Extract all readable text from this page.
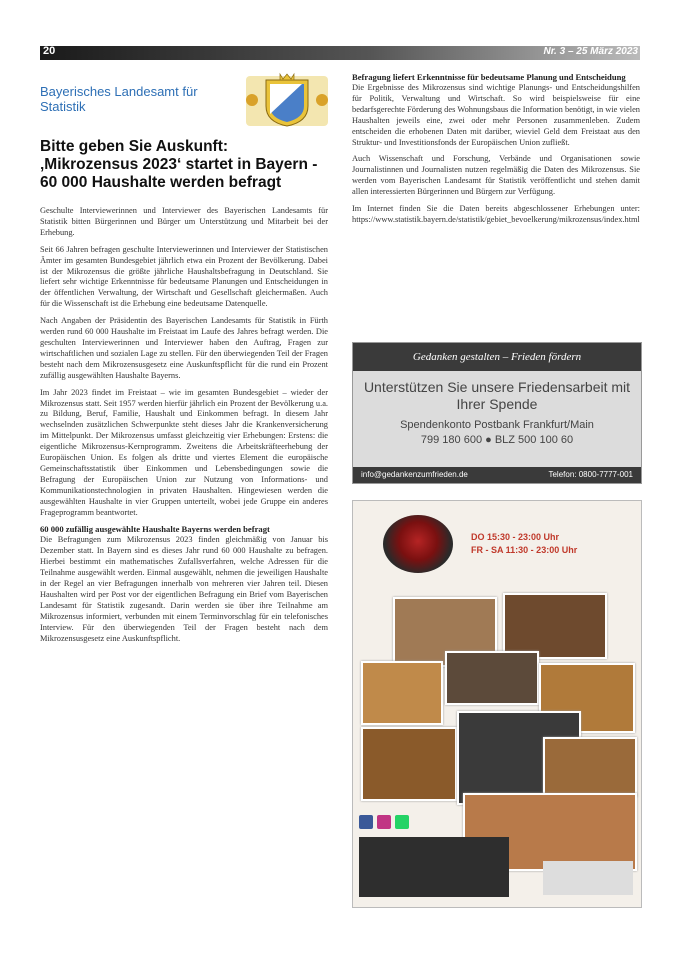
20	Nr. 3 – 25 März 2023
Bayerisches Landesamt für Statistik
Bitte geben Sie Auskunft: ‚Mikrozensus 2023‘ startet in Bayern - 60 000 Haushalte werden befragt

Geschulte Interviewerinnen und Interviewer des Bayerischen Landesamts für Statistik bitten Bürgerinnen und Bürger um Unterstützung und Mitarbeit bei der Erhebung.

Seit 66 Jahren befragen geschulte Interviewerinnen und Interviewer der Statistischen Ämter im gesamten Bundesgebiet jährlich etwa ein Prozent der Bevölkerung. Dabei ist der Mikrozensus die größte jährliche Haushaltsbefragung in Deutschland. Sie liefert sehr wichtige Erkenntnisse für bedeutsame Planungen und Entscheidungen in der öffentlichen Verwaltung, der Wirtschaft und Gesellschaft gleichermaßen. Auch für die Wissenschaft ist die Erhebung eine bedeutsame Datenquelle.

Nach Angaben der Präsidentin des Bayerischen Landesamts für Statistik in Fürth werden rund 60 000 Haushalte im Freistaat im Laufe des Jahres befragt werden. Die geschulten Interviewerinnen und Interviewer haben den Auftrag, Fragen zur wirtschaftlichen und sozialen Lage zu stellen. Für den überwiegenden Teil der Fragen besteht nach dem Mikrozensusgesetz eine Auskunftspflicht für die rund ein Prozent zufällig ausgewählten Haushalte Bayerns.

Im Jahr 2023 findet im Freistaat – wie im gesamten Bundesgebiet – wieder der Mikrozensus statt. Seit 1957 werden hierfür jährlich ein Prozent der Bevölkerung u.a. zu Bildung, Beruf, Familie, Haushalt und Einkommen befragt. In diesem Jahr wechselnden zusätzlichen Schwerpunkte steht dieses Jahr die Krankenversicherung im Mittelpunkt. Der Mikrozensus umfasst gleichzeitig vier Erhebungen: Erstens: die eigentliche Mikrozensus-Kernprogramm. Zweitens die Arbeitskräfteerhebung der Europäischen Union. Es folgen als dritte und viertes Element die europäische Gemeinschaftsstatistik über Einkommen und Lebensbedingungen sowie die Befragung der Europäischen Union zur Nutzung von Informations- und Kommunikationstechnologien in privaten Haushalten. Hingewiesen werden die ausgewählten Haushalte in vier Gruppen unterteilt, wobei jede Gruppe ein anderes Frageprogramm beantwortet.

60 000 zufällig ausgewählte Haushalte Bayerns werden befragt

Die Befragungen zum Mikrozensus 2023 finden gleichmäßig von Januar bis Dezember statt. In Bayern sind es dieses Jahr rund 60 000 Haushalte zu befragen. Hierbei bestimmt ein mathematisches Zufallsverfahren, welche Adressen für die Teilnahme ausgewählt werden. Einmal ausgewählt, nehmen die jeweiligen Haushalte in der Regel an vier Befragungen innerhalb von mehreren vier Jahren teil. Diesen Haushalten wird per Post vor der eigentlichen Befragung ein Brief vom Bayerischen Landesamt für Statistik zugesandt. Darin werden sie über ihre Teilnahme am Mikrozensus informiert, verbunden mit einem Terminvorschlag für ein telefonisches Interview. Für den überwiegenden Teil der Fragen besteht nach dem Mikrozensusgesetz eine Auskunftspflicht.

Befragung liefert Erkenntnisse für bedeutsame Planung und Entscheidung

Die Ergebnisse des Mikrozensus sind wichtige Planungs- und Entscheidungshilfen für Politik, Verwaltung und Wirtschaft. So wird beispielsweise für eine bedarfsgerechte Förderung des Wohnungsbaus die Information benötigt, in wie vielen Haushalten jeweils eine, zwei oder mehr Personen zusammenleben. Zudem entscheiden die erhobenen Daten mit darüber, wieviel Geld dem Freistaat aus den Struktur- und Investitionsfonds der Europäischen Union zufließt.

Auch Wissenschaft und Forschung, Verbände und Organisationen sowie Journalistinnen und Journalisten nutzen regelmäßig die Daten des Mikrozensus. Sie werden vom Bayerischen Landesamt für Statistik veröffentlicht und stehen damit allen interessierten Bürgerinnen und Bürgern zur Verfügung.

Im Internet finden Sie die Daten bereits abgeschlossener Erhebungen unter: https://www.statistik.bayern.de/statistik/gebiet_bevoelkerung/mikrozensus/index.html

Gedanken gestalten – Frieden fördern
Unterstützen Sie unsere Friedensarbeit mit Ihrer Spende
Spendenkonto Postbank Frankfurt/Main
799 180 600 ● BLZ 500 100 60
info@gedankenzumfrieden.de	Telefon: 0800-7777-001
DO 15:30 - 23:00 Uhr
FR - SA 11:30 - 23:00 Uhr
